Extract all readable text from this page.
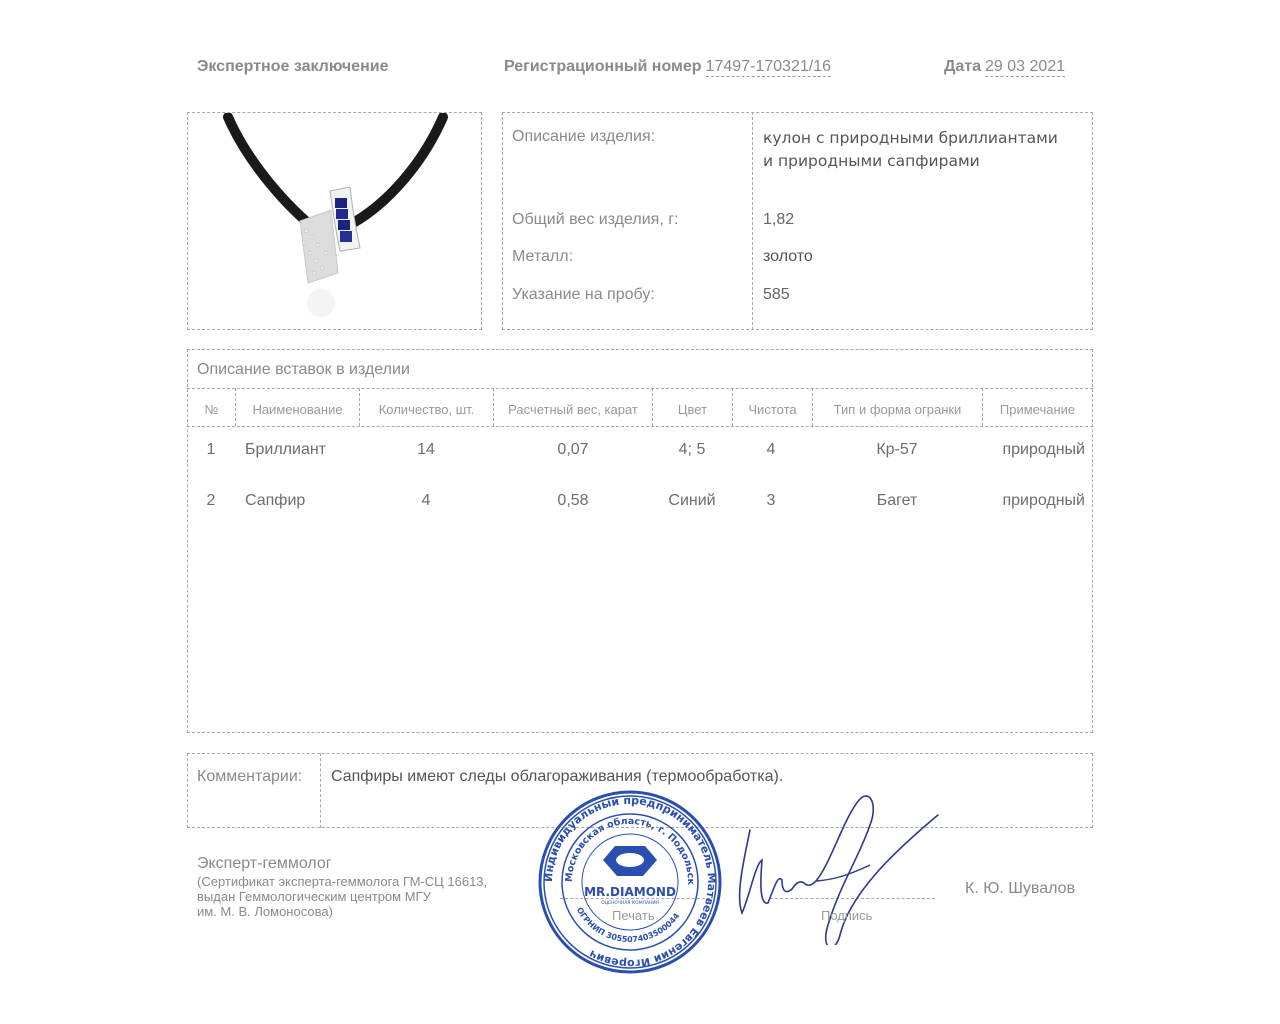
Экспертное заключение	Регистрационный номер 17497-170321/16	Дата 29 03 2021
Описание изделия:	кулон с природными бриллиантами
и природными сапфирами
Общий вес изделия, г:	1,82
Металл:	золото
Указание на пробу:	585
Описание вставок в изделии
№	Наименование	Количество, шт.	Расчетный вес, карат	Цвет	Чистота	Тип и форма огранки	Примечание
1	Бриллиант	14	0,07	4; 5	4	Кр-57	природный
2	Сапфир	4	0,58	Синий	3	Багет	природный
Комментарии: Сапфиры имеют следы облагораживания (термообработка).
Эксперт-геммолог
(Сертификат эксперта-геммолога ГМ-СЦ 16613,
выдан Геммологическим центром МГУ
им. М. В. Ломоносова)
Индивидуальный предприниматель Матвеев Евгений Игоревич
Московская область, г. Подольск
ОГРНИП 305507403500044
MR.DIAMOND
ОЦЕНОЧНАЯ КОМПАНИЯ
Печать	Подпись
К. Ю. Шувалов
